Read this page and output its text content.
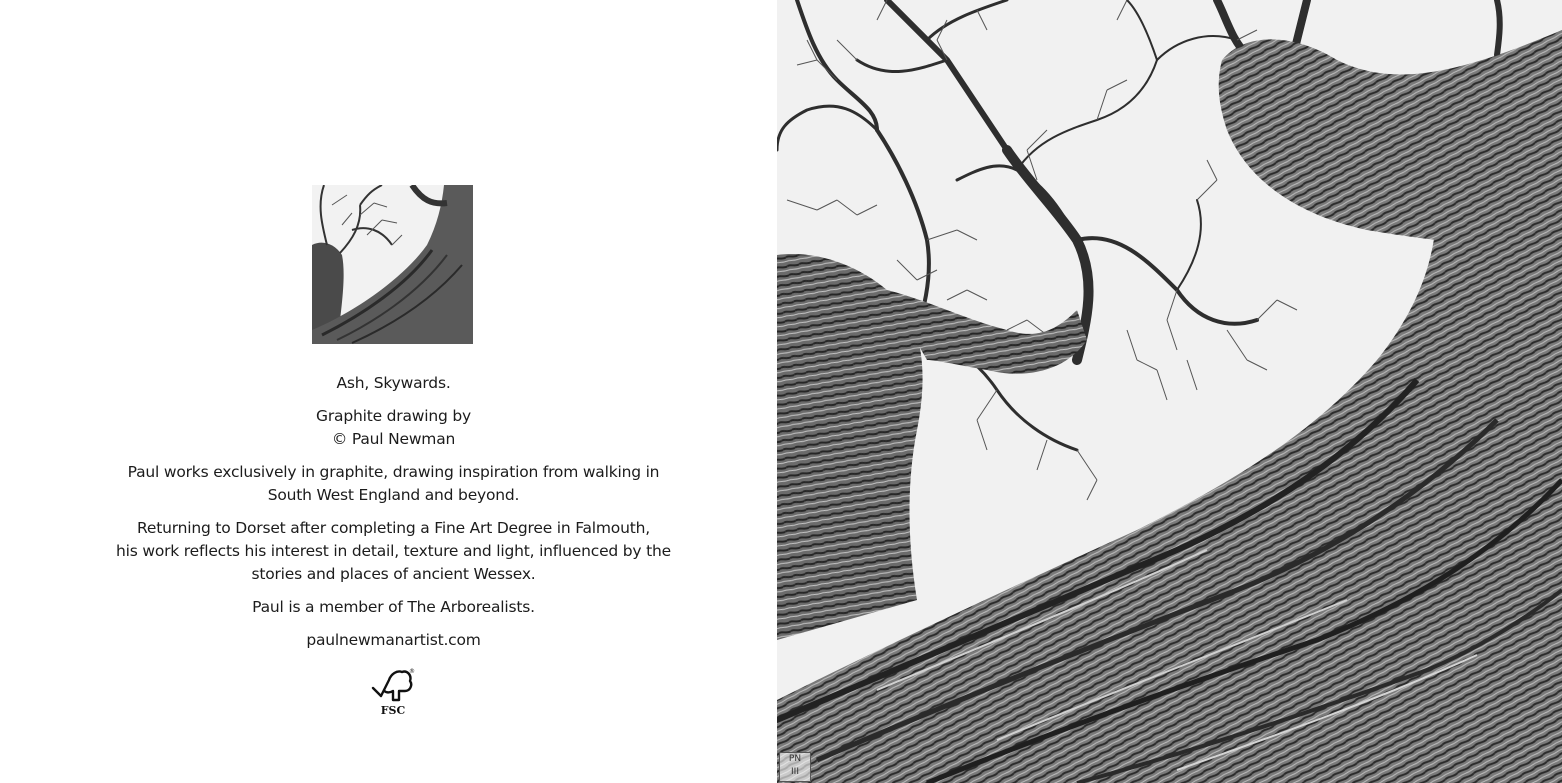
Ash, Skywards.

Graphite drawing by
© Paul Newman

Paul works exclusively in graphite, drawing inspiration from walking in
South West England and beyond.

Returning to Dorset after completing a Fine Art Degree in Falmouth,
his work reflects his interest in detail, texture and light, influenced by the
stories and places of ancient Wessex.

Paul is a member of The Arborealists.

paulnewmanartist.com

®
FSC
PN
III
